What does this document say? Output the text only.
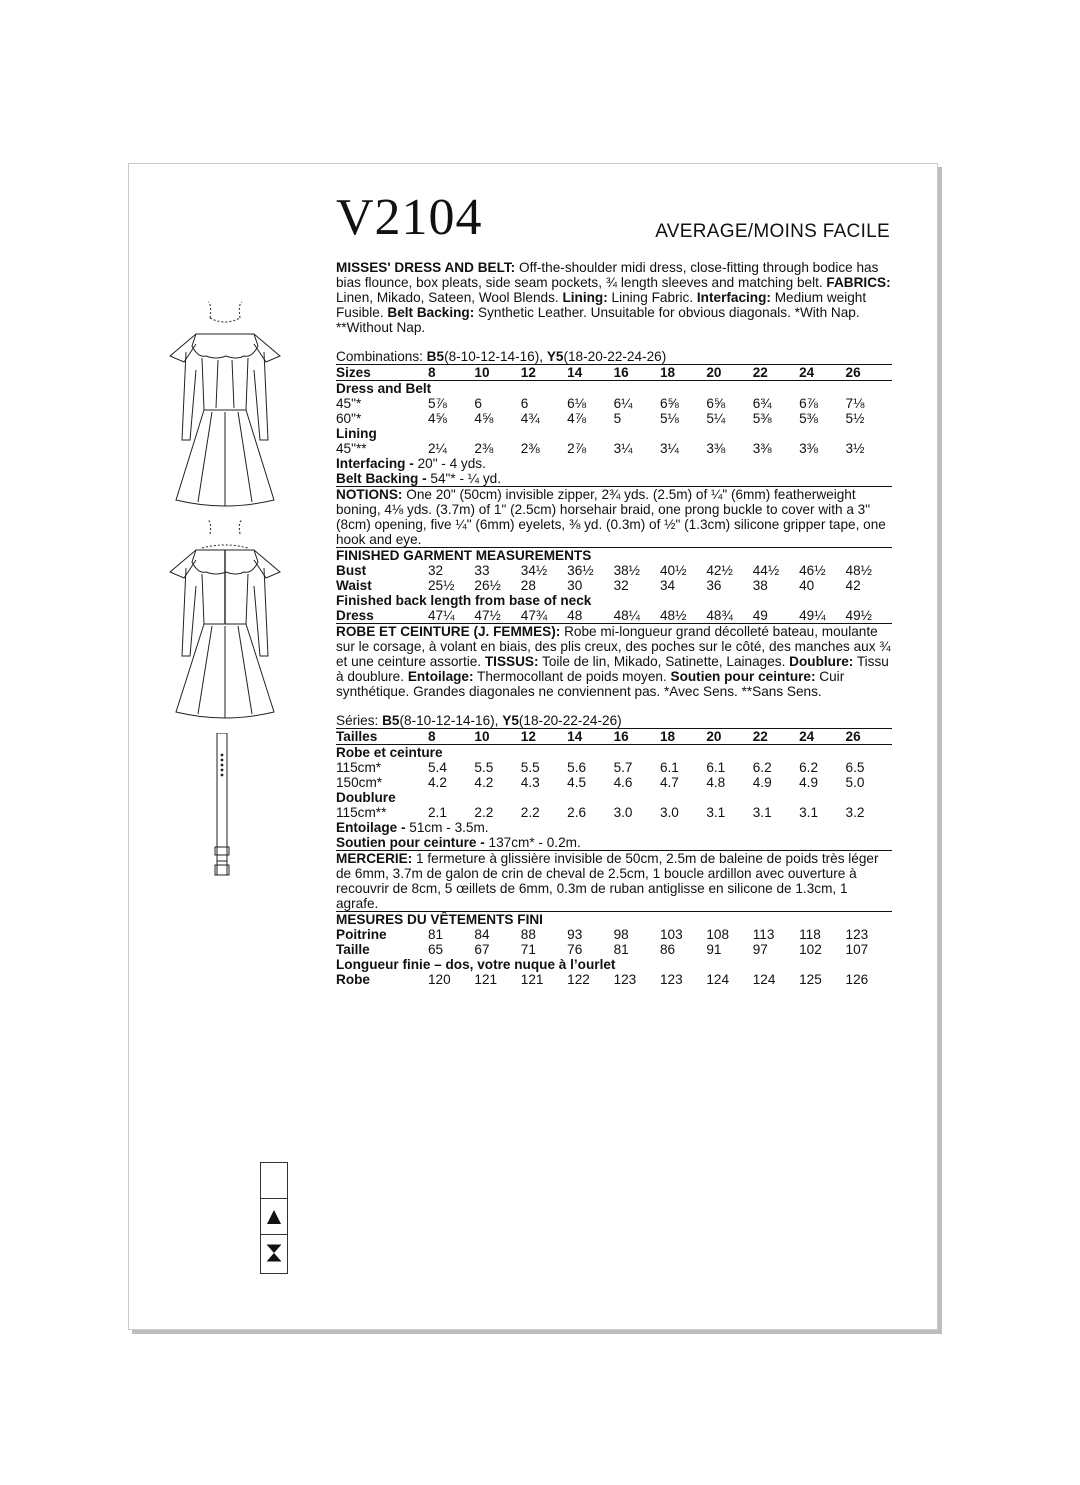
V2104	AVERAGE/MOINS FACILE

MISSES' DRESS AND BELT: Off-the-shoulder midi dress, close-fitting through bodice has bias flounce, box pleats, side seam pockets, ¾ length sleeves and matching belt. FABRICS: Linen, Mikado, Sateen, Wool Blends. Lining: Lining Fabric. Interfacing: Medium weight Fusible. Belt Backing: Synthetic Leather. Unsuitable for obvious diagonals. *With Nap. **Without Nap.

Combinations: B5(8-10-12-14-16), Y5(18-20-22-24-26)
Sizes	8	10	12	14	16	18	20	22	24	26
Dress and Belt										
45"*	5⅞	6	6	6⅛	6¼	6⅝	6⅝	6¾	6⅞	7⅛
60"*	4⅝	4⅝	4¾	4⅞	5	5⅛	5¼	5⅜	5⅜	5½
Lining										
45"**	2¼	2⅜	2⅜	2⅞	3¼	3¼	3⅜	3⅜	3⅜	3½
Interfacing - 20" - 4 yds.										
Belt Backing - 54"* - ¼ yd.										

NOTIONS: One 20" (50cm) invisible zipper, 2¾ yds. (2.5m) of ¼" (6mm) featherweight boning, 4⅛ yds. (3.7m) of 1" (2.5cm) horsehair braid, one prong buckle to cover with a 3" (8cm) opening, five ¼" (6mm) eyelets, ⅜ yd. (0.3m) of ½" (1.3cm) silicone gripper tape, one hook and eye.

FINISHED GARMENT MEASUREMENTS										
Bust	32	33	34½	36½	38½	40½	42½	44½	46½	48½
Waist	25½	26½	28	30	32	34	36	38	40	42
Finished back length from base of neck										
Dress	47¼	47½	47¾	48	48¼	48½	48¾	49	49¼	49½

ROBE ET CEINTURE (J. FEMMES): Robe mi-longueur grand décolleté bateau, moulante sur le corsage, à volant en biais, des plis creux, des poches sur le côté, des manches aux ¾ et une ceinture assortie. TISSUS: Toile de lin, Mikado, Satinette, Lainages. Doublure: Tissu à doublure. Entoilage: Thermocollant de poids moyen. Soutien pour ceinture: Cuir synthétique. Grandes diagonales ne conviennent pas. *Avec Sens. **Sans Sens.

Séries: B5(8-10-12-14-16), Y5(18-20-22-24-26)
Tailles	8	10	12	14	16	18	20	22	24	26
Robe et ceinture										
115cm*	5.4	5.5	5.5	5.6	5.7	6.1	6.1	6.2	6.2	6.5
150cm*	4.2	4.2	4.3	4.5	4.6	4.7	4.8	4.9	4.9	5.0
Doublure										
115cm**	2.1	2.2	2.2	2.6	3.0	3.0	3.1	3.1	3.1	3.2
Entoilage - 51cm - 3.5m.										
Soutien pour ceinture - 137cm* - 0.2m.										

MERCERIE: 1 fermeture à glissière invisible de 50cm, 2.5m de baleine de poids très léger de 6mm, 3.7m de galon de crin de cheval de 2.5cm, 1 boucle ardillon avec ouverture à recouvrir de 8cm, 5 œillets de 6mm, 0.3m de ruban antiglisse en silicone de 1.3cm, 1 agrafe.

MESURES DU VÊTEMENTS FINI										
Poitrine	81	84	88	93	98	103	108	113	118	123
Taille	65	67	71	76	81	86	91	97	102	107
Longueur finie – dos, votre nuque à l’ourlet										
Robe	120	121	121	122	123	123	124	124	125	126
